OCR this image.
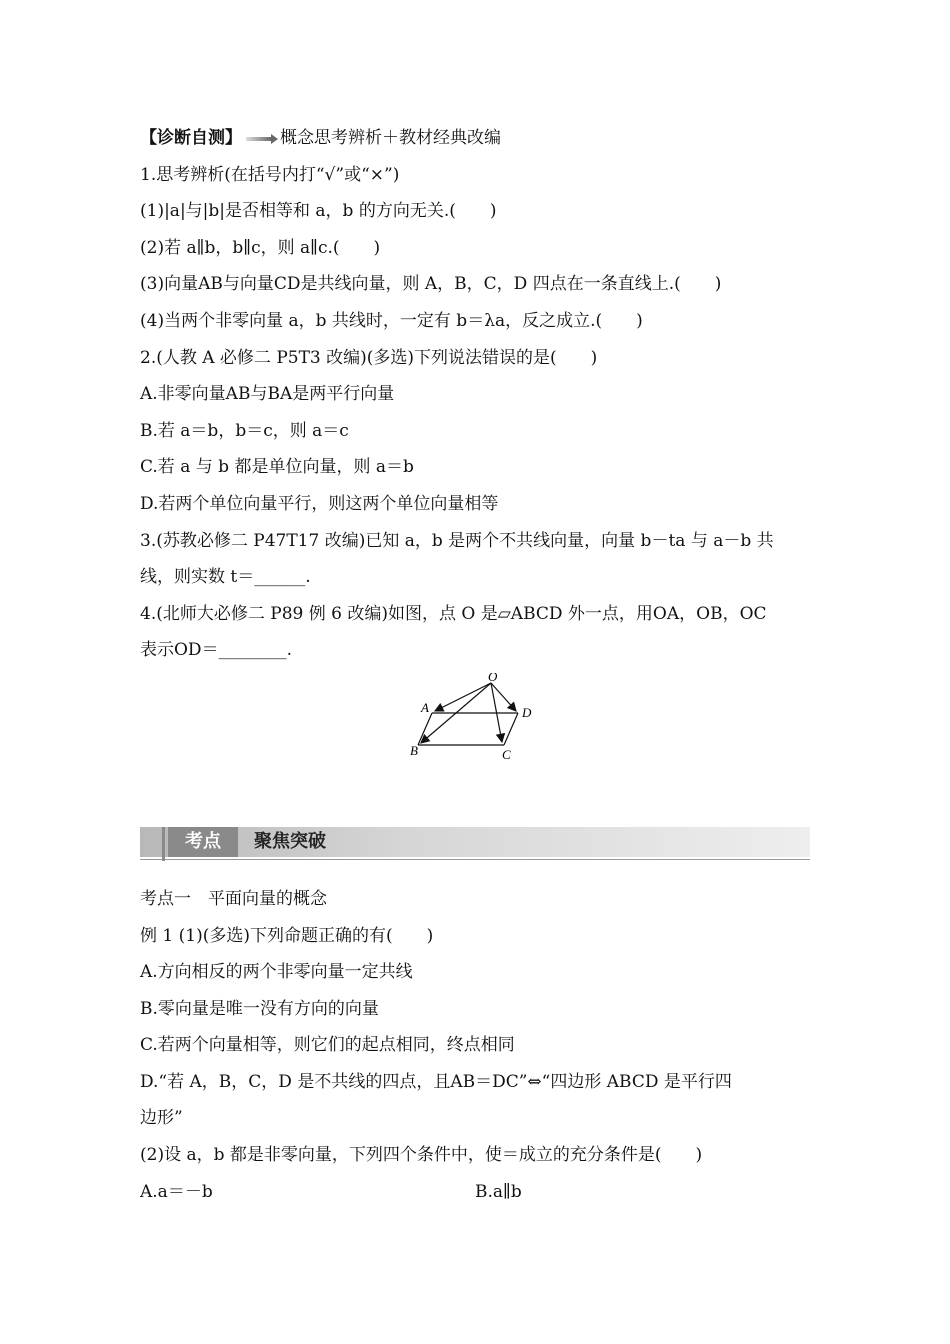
【诊断自测】 概念思考辨析＋教材经典改编
1.思考辨析(在括号内打“√”或“×”)
(1)|a|与|b|是否相等和 a，b 的方向无关.(　　)
(2)若 a∥b，b∥c，则 a∥c.(　　)
(3)向量AB与向量CD是共线向量，则 A，B，C，D 四点在一条直线上.(　　)
(4)当两个非零向量 a，b 共线时，一定有 b＝λa，反之成立.(　　)
2.(人教 A 必修二 P5T3 改编)(多选)下列说法错误的是(　　)
A.非零向量AB与BA是两平行向量
B.若 a＝b，b＝c，则 a＝c
C.若 a 与 b 都是单位向量，则 a＝b
D.若两个单位向量平行，则这两个单位向量相等
3.(苏教必修二 P47T17 改编)已知 a，b 是两个不共线向量，向量 b－ta 与 a－b 共
线，则实数 t＝______.
4.(北师大必修二 P89 例 6 改编)如图，点 O 是▱ABCD 外一点，用OA，OB，OC
表示OD＝________.
O
A
B	C
D
考点	聚焦突破
考点一　平面向量的概念
例 1 (1)(多选)下列命题正确的有(　　)
A.方向相反的两个非零向量一定共线
B.零向量是唯一没有方向的向量
C.若两个向量相等，则它们的起点相同，终点相同
D.“若 A，B，C，D 是不共线的四点，且AB＝DC”⇔“四边形 ABCD 是平行四
边形”
(2)设 a，b 都是非零向量，下列四个条件中，使＝成立的充分条件是(　　)
A.a＝－b	B.a∥b
